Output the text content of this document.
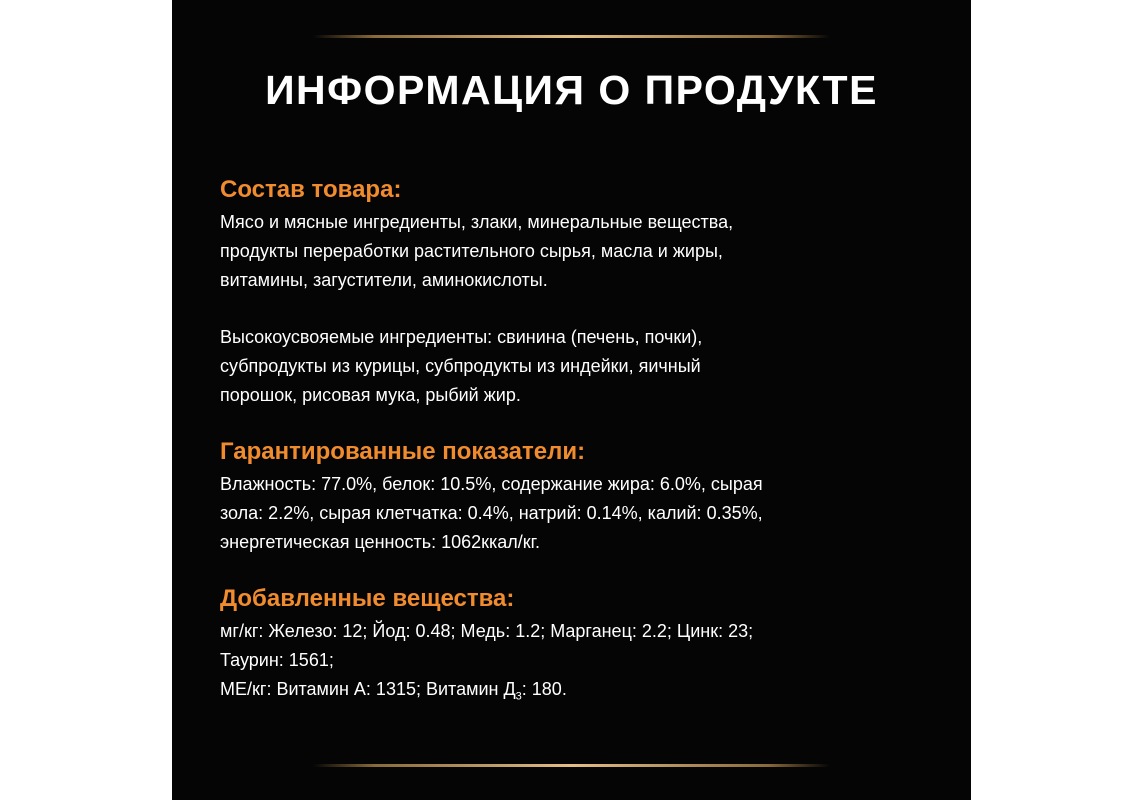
ИНФОРМАЦИЯ О ПРОДУКТЕ

Состав товара:

Мясо и мясные ингредиенты, злаки, минеральные вещества,
продукты переработки растительного сырья, масла и жиры,
витамины, загустители, аминокислоты.

Высокоусвояемые ингредиенты: свинина (печень, почки),
субпродукты из курицы, субпродукты из индейки, яичный
порошок, рисовая мука, рыбий жир.

Гарантированные показатели:

Влажность: 77.0%, белок: 10.5%, содержание жира: 6.0%, сырая
зола: 2.2%, сырая клетчатка: 0.4%, натрий: 0.14%, калий: 0.35%,
энергетическая ценность: 1062ккал/кг.

Добавленные вещества:

мг/кг: Железо: 12; Йод: 0.48; Медь: 1.2; Марганец: 2.2; Цинк: 23;
Таурин: 1561;
МЕ/кг: Витамин А: 1315; Витамин $Д_3$: 180.
